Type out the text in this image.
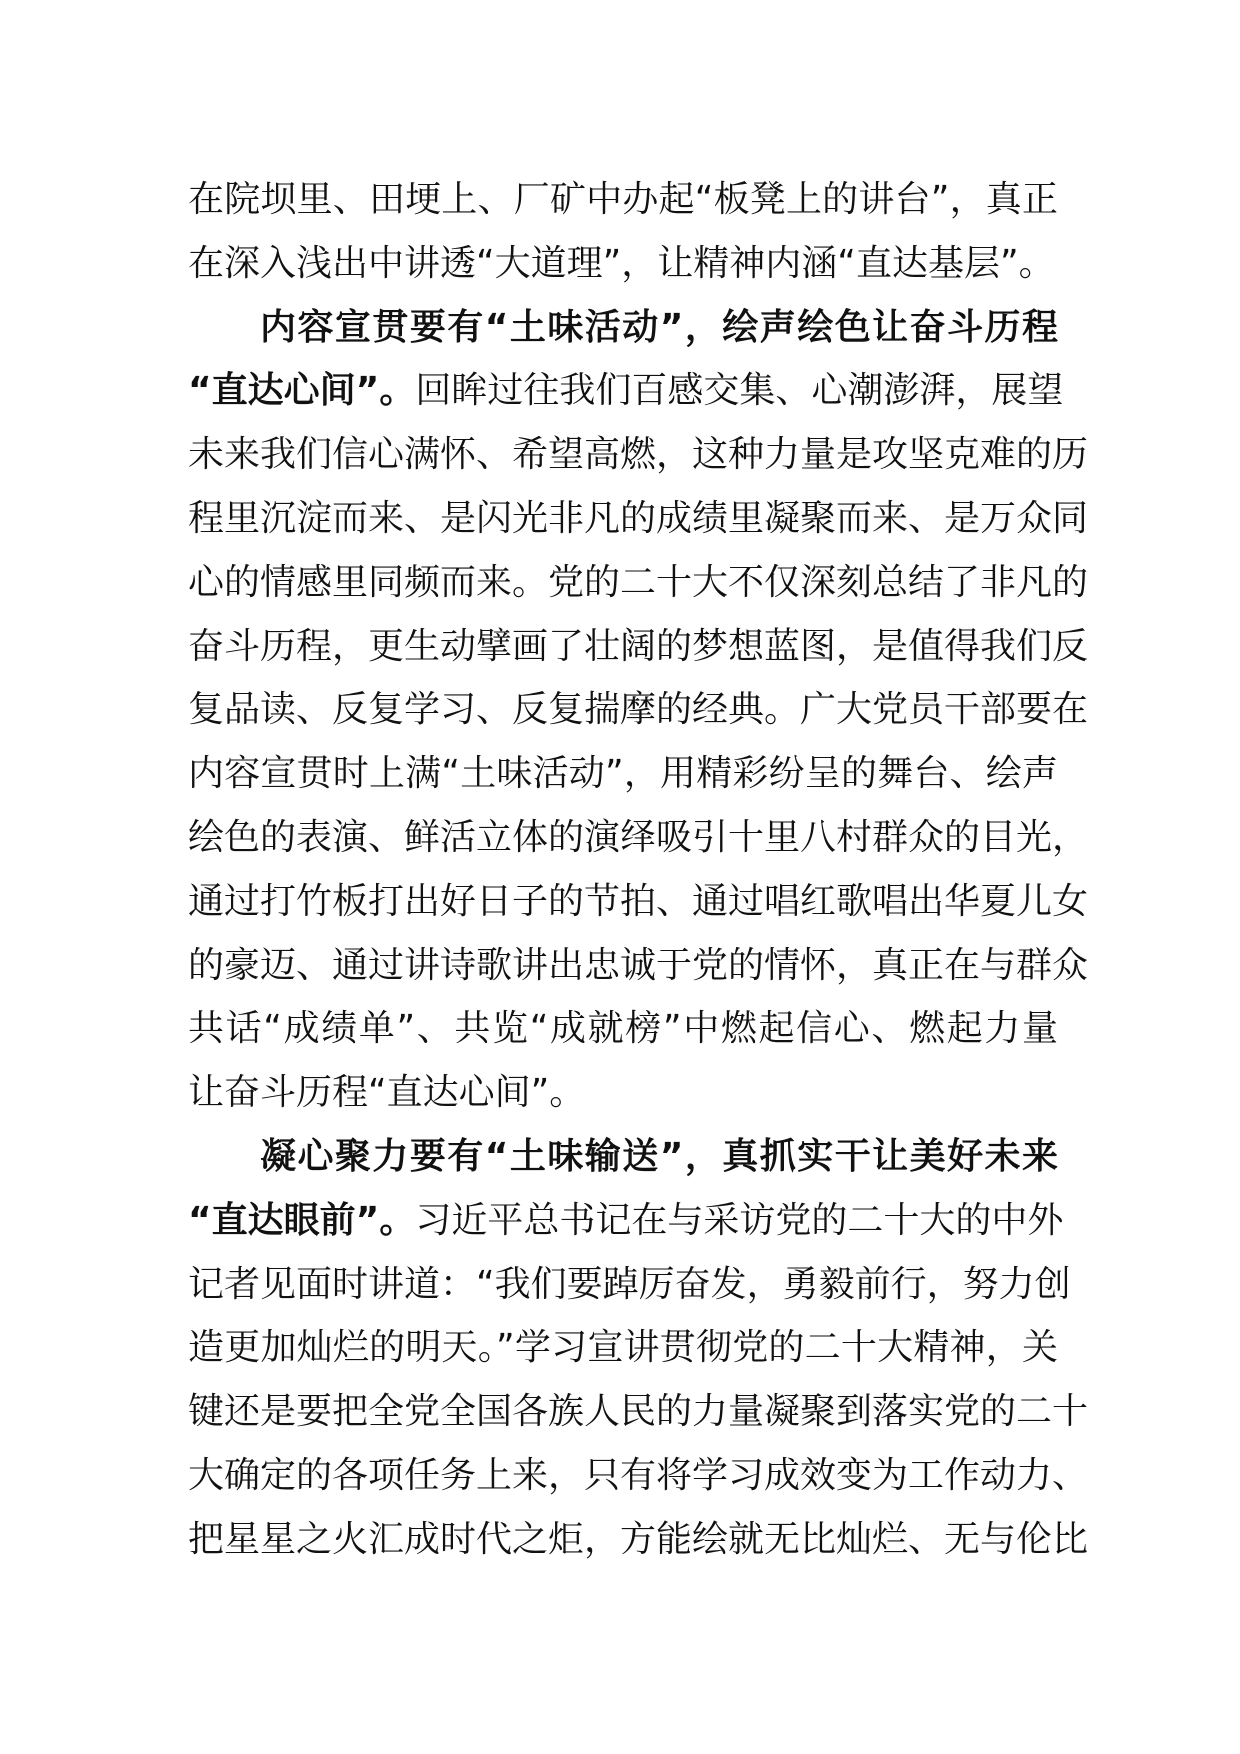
在院坝里、田埂上、厂矿中办起“板凳上的讲台”，真正
在深入浅出中讲透“大道理”，让精神内涵“直达基层”。
内容宣贯要有“土味活动”，绘声绘色让奋斗历程
“直达心间”。回眸过往我们百感交集、心潮澎湃，展望
未来我们信心满怀、希望高燃，这种力量是攻坚克难的历
程里沉淀而来、是闪光非凡的成绩里凝聚而来、是万众同
心的情感里同频而来。党的二十大不仅深刻总结了非凡的
奋斗历程，更生动擘画了壮阔的梦想蓝图，是值得我们反
复品读、反复学习、反复揣摩的经典。广大党员干部要在
内容宣贯时上满“土味活动”，用精彩纷呈的舞台、绘声
绘色的表演、鲜活立体的演绎吸引十里八村群众的目光，
通过打竹板打出好日子的节拍、通过唱红歌唱出华夏儿女
的豪迈、通过讲诗歌讲出忠诚于党的情怀，真正在与群众
共话“成绩单”、共览“成就榜”中燃起信心、燃起力量
让奋斗历程“直达心间”。
凝心聚力要有“土味输送”，真抓实干让美好未来
“直达眼前”。习近平总书记在与采访党的二十大的中外
记者见面时讲道：“我们要踔厉奋发，勇毅前行，努力创
造更加灿烂的明天。”学习宣讲贯彻党的二十大精神，关
键还是要把全党全国各族人民的力量凝聚到落实党的二十
大确定的各项任务上来，只有将学习成效变为工作动力、
把星星之火汇成时代之炬，方能绘就无比灿烂、无与伦比
